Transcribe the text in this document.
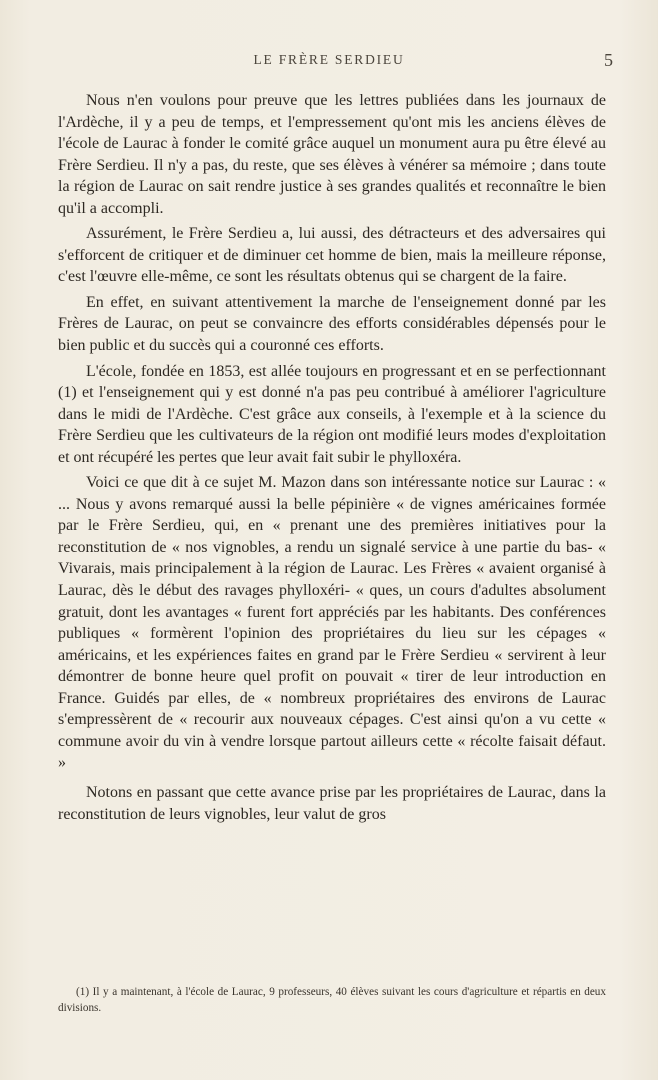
LE FRÈRE SERDIEU	5

Nous n'en voulons pour preuve que les lettres publiées dans les journaux de l'Ardèche, il y a peu de temps, et l'empressement qu'ont mis les anciens élèves de l'école de Laurac à fonder le comité grâce auquel un monument aura pu être élevé au Frère Serdieu. Il n'y a pas, du reste, que ses élèves à vénérer sa mémoire ; dans toute la région de Laurac on sait rendre justice à ses grandes qualités et reconnaître le bien qu'il a accompli.

Assurément, le Frère Serdieu a, lui aussi, des détracteurs et des adversaires qui s'efforcent de critiquer et de diminuer cet homme de bien, mais la meilleure réponse, c'est l'œuvre elle-même, ce sont les résultats obtenus qui se chargent de la faire.

En effet, en suivant attentivement la marche de l'enseignement donné par les Frères de Laurac, on peut se convaincre des efforts considérables dépensés pour le bien public et du succès qui a couronné ces efforts.

L'école, fondée en 1853, est allée toujours en progressant et en se perfectionnant (1) et l'enseignement qui y est donné n'a pas peu contribué à améliorer l'agriculture dans le midi de l'Ardèche. C'est grâce aux conseils, à l'exemple et à la science du Frère Serdieu que les cultivateurs de la région ont modifié leurs modes d'exploitation et ont récupéré les pertes que leur avait fait subir le phylloxéra.

Voici ce que dit à ce sujet M. Mazon dans son intéressante notice sur Laurac : « ... Nous y avons remarqué aussi la belle pépinière « de vignes américaines formée par le Frère Serdieu, qui, en « prenant une des premières initiatives pour la reconstitution de « nos vignobles, a rendu un signalé service à une partie du bas- « Vivarais, mais principalement à la région de Laurac. Les Frères « avaient organisé à Laurac, dès le début des ravages phylloxéri- « ques, un cours d'adultes absolument gratuit, dont les avantages « furent fort appréciés par les habitants. Des conférences publiques « formèrent l'opinion des propriétaires du lieu sur les cépages « américains, et les expériences faites en grand par le Frère Serdieu « servirent à leur démontrer de bonne heure quel profit on pouvait « tirer de leur introduction en France. Guidés par elles, de « nombreux propriétaires des environs de Laurac s'empressèrent de « recourir aux nouveaux cépages. C'est ainsi qu'on a vu cette « commune avoir du vin à vendre lorsque partout ailleurs cette « récolte faisait défaut. »

Notons en passant que cette avance prise par les propriétaires de Laurac, dans la reconstitution de leurs vignobles, leur valut de gros

(1) Il y a maintenant, à l'école de Laurac, 9 professeurs, 40 élèves suivant les cours d'agriculture et répartis en deux divisions.
